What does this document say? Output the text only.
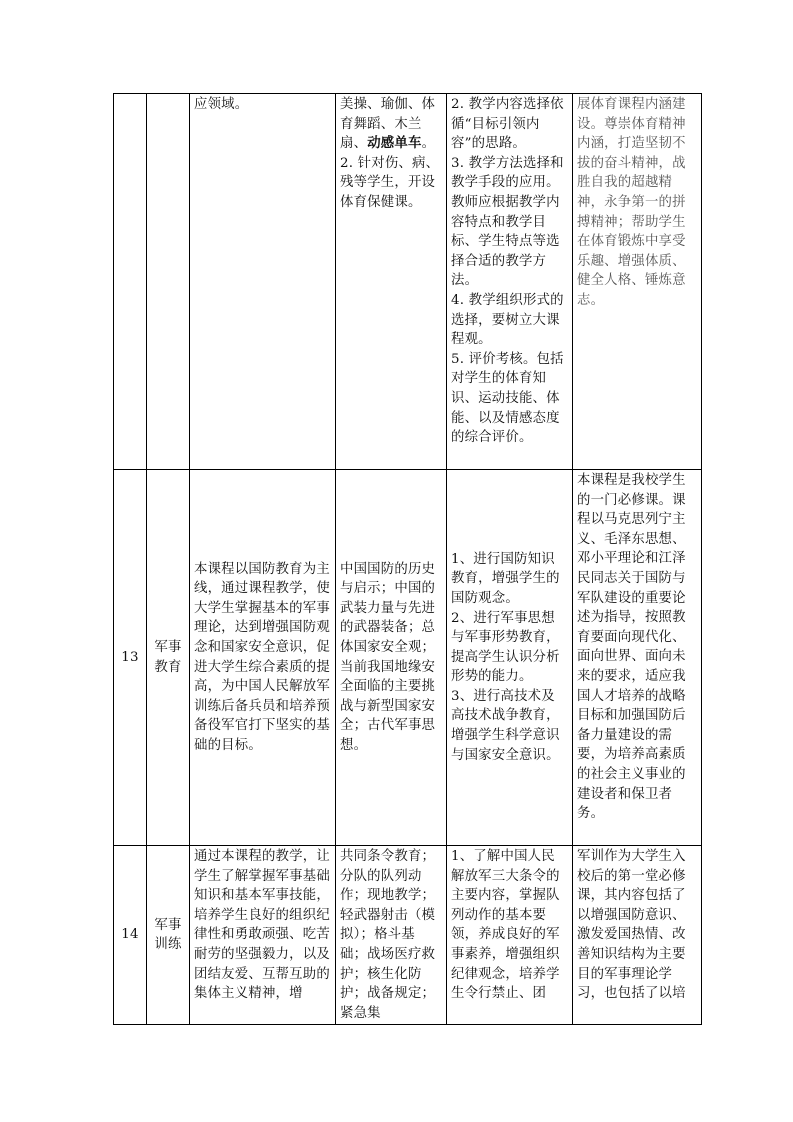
		应领域。	美操、瑜伽、体育舞蹈、木兰扇、动感单车。
2. 针对伤、病、残等学生，开设体育保健课。	2. 教学内容选择依循“目标引领内容”的思路。
3. 教学方法选择和教学手段的应用。教师应根据教学内容特点和教学目标、学生特点等选择合适的教学方法。
4. 教学组织形式的选择，要树立大课程观。
5. 评价考核。包括对学生的体育知识、运动技能、体能、以及情感态度的综合评价。	展体育课程内涵建设。尊崇体育精神内涵，打造坚韧不拔的奋斗精神，战胜自我的超越精神，永争第一的拼搏精神；帮助学生在体育锻炼中享受乐趣、增强体质、健全人格、锤炼意志。

13	军事教育	本课程以国防教育为主线，通过课程教学，使大学生掌握基本的军事理论，达到增强国防观念和国家安全意识，促进大学生综合素质的提高，为中国人民解放军训练后备兵员和培养预备役军官打下坚实的基础的目标。	中国国防的历史与启示；中国的武装力量与先进的武器装备；总体国家安全观；当前我国地缘安全面临的主要挑战与新型国家安全；古代军事思想。	1、进行国防知识教育，增强学生的国防观念。
2、进行军事思想与军事形势教育，提高学生认识分析形势的能力。
3、进行高技术及高技术战争教育，增强学生科学意识与国家安全意识。	本课程是我校学生的一门必修课。课程以马克思列宁主义、毛泽东思想、邓小平理论和江泽民同志关于国防与军队建设的重要论述为指导，按照教育要面向现代化、面向世界、面向未来的要求，适应我国人才培养的战略目标和加强国防后备力量建设的需要，为培养高素质的社会主义事业的建设者和保卫者务。

14	军事训练	通过本课程的教学，让学生了解掌握军事基础知识和基本军事技能，培养学生良好的组织纪律性和勇敢顽强、吃苦耐劳的坚强毅力，以及团结友爱、互帮互助的集体主义精神，增	共同条令教育；分队的队列动作；现地教学；轻武器射击（模拟）；格斗基础；战场医疗救护；核生化防护；战备规定；紧急集	1、了解中国人民解放军三大条令的主要内容，掌握队列动作的基本要领，养成良好的军事素养，增强组织纪律观念，培养学生令行禁止、团	军训作为大学生入校后的第一堂必修课，其内容包括了以增强国防意识、激发爱国热情、改善知识结构为主要目的军事理论学习，也包括了以培
